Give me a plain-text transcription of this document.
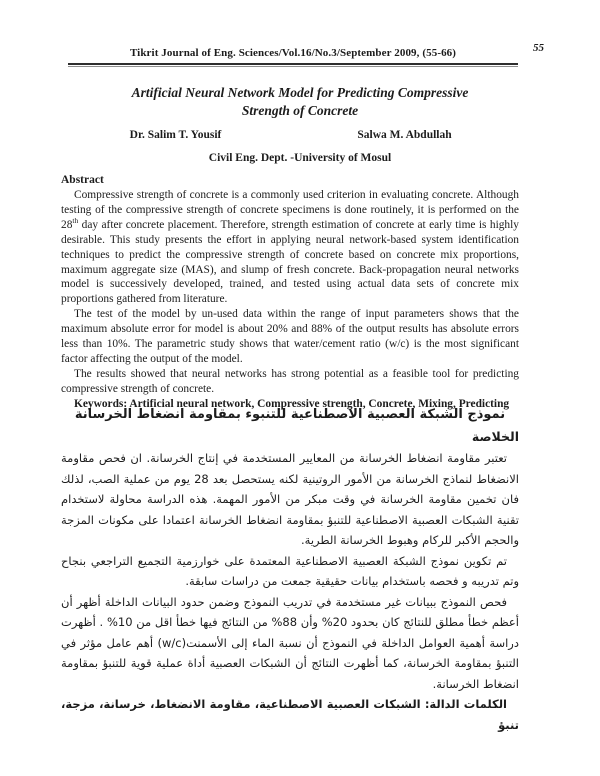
Tikrit Journal of Eng. Sciences/Vol.16/No.3/September 2009, (55-66)	55
Artificial Neural Network Model for Predicting Compressive
Strength of Concrete
Dr. Salim T. Yousif	Salwa M. Abdullah
Civil Eng. Dept. -University of Mosul
Abstract

Compressive strength of concrete is a commonly used criterion in evaluating concrete. Although testing of the compressive strength of concrete specimens is done routinely, it is performed on the 28th day after concrete placement. Therefore, strength estimation of concrete at early time is highly desirable. This study presents the effort in applying neural network-based system identification techniques to predict the compressive strength of concrete based on concrete mix proportions, maximum aggregate size (MAS), and slump of fresh concrete. Back-propagation neural networks model is successively developed, trained, and tested using actual data sets of concrete mix proportions gathered from literature.

The test of the model by un-used data within the range of input parameters shows that the maximum absolute error for model is about 20% and 88% of the output results has absolute errors less than 10%. The parametric study shows that water/cement ratio (w/c) is the most significant factor affecting the output of the model.

The results showed that neural networks has strong potential as a feasible tool for predicting compressive strength of concrete.

Keywords: Artificial neural network, Compressive strength, Concrete, Mixing, Predicting

نموذج الشبكة العصبية الاصطناعية للتنبوء بمقاومة انضغاط الخرسانة
الخلاصة

تعتبر مقاومة انضغاط الخرسانة من المعايير المستخدمة في إنتاج الخرسانة. ان فحص مقاومة الانضغاط لنماذج الخرسانة من الأمور الروتينية لكنه يستحصل بعد 28 يوم من عملية الصب، لذلك فان تخمين مقاومة الخرسانة في وقت مبكر من الأمور المهمة. هذه الدراسة محاولة لاستخدام تقنية الشبكات العصبية الاصطناعية للتنبؤ بمقاومة انضغاط الخرسانة اعتمادا على مكونات المزجة والحجم الأكبر للركام وهبوط الخرسانة الطرية.

تم تكوين نموذج الشبكة العصبية الاصطناعية المعتمدة على خوارزمية التجميع التراجعي بنجاح وتم تدريبه و فحصه باستخدام بيانات حقيقية جمعت من دراسات سابقة.

فحص النموذج ببيانات غير مستخدمة في تدريب النموذج وضمن حدود البيانات الداخلة أظهر أن أعظم خطأ مطلق للنتائج كان بحدود 20% وأن 88% من النتائج فيها خطأ اقل من 10% . أظهرت دراسة أهمية العوامل الداخلة في النموذج أن نسبة الماء إلى الأسمنت(w/c) أهم عامل مؤثر في التنبؤ بمقاومة الخرسانة، كما أظهرت النتائج أن الشبكات العصبية أداة عملية قوية للتنبؤ بمقاومة انضغاط الخرسانة.

الكلمات الدالة: الشبكات العصبية الاصطناعية، مقاومة الانضغاط، خرسانة، مزجة، تنبؤ
